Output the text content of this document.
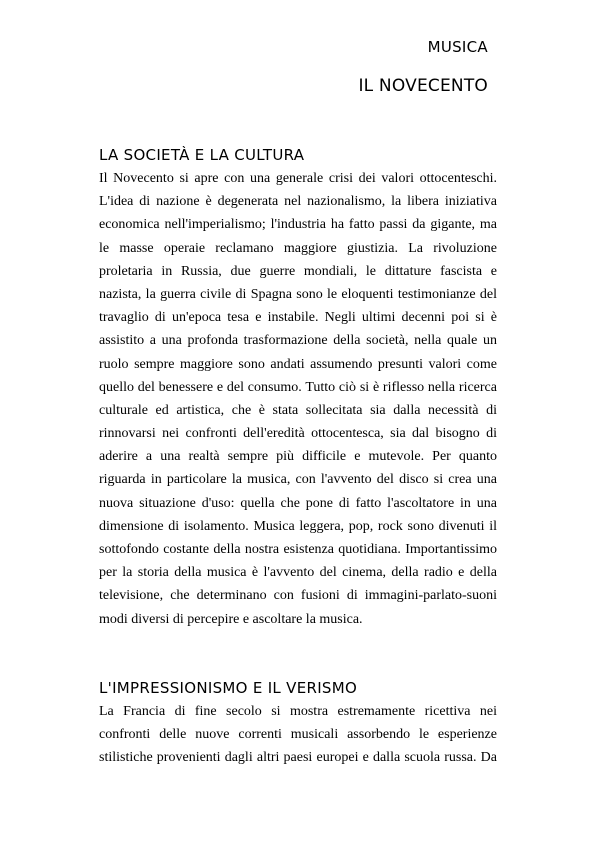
MUSICA
IL NOVECENTO
LA SOCIETÀ E LA CULTURA
Il Novecento si apre con una generale crisi dei valori ottocenteschi.
L'idea di nazione è degenerata nel nazionalismo, la libera iniziativa
economica nell'imperialismo; l'industria ha fatto passi da gigante, ma
le masse operaie reclamano maggiore giustizia. La rivoluzione
proletaria in Russia, due guerre mondiali, le dittature fascista e
nazista, la guerra civile di Spagna sono le eloquenti testimonianze del
travaglio di un'epoca tesa e instabile. Negli ultimi decenni poi si è
assistito a una profonda trasformazione della società, nella quale un
ruolo sempre maggiore sono andati assumendo presunti valori come
quello del benessere e del consumo. Tutto ciò si è riflesso nella ricerca
culturale ed artistica, che è stata sollecitata sia dalla necessità di
rinnovarsi nei confronti dell'eredità ottocentesca, sia dal bisogno di
aderire a una realtà sempre più difficile e mutevole. Per quanto
riguarda in particolare la musica, con l'avvento del disco si crea una
nuova situazione d'uso: quella che pone di fatto l'ascoltatore in una
dimensione di isolamento. Musica leggera, pop, rock sono divenuti il
sottofondo costante della nostra esistenza quotidiana. Importantissimo
per la storia della musica è l'avvento del cinema, della radio e della
televisione, che determinano con fusioni di immagini-parlato-suoni
modi diversi di percepire e ascoltare la musica.
L'IMPRESSIONISMO E IL VERISMO
La Francia di fine secolo si mostra estremamente ricettiva nei
confronti delle nuove correnti musicali assorbendo le esperienze
stilistiche provenienti dagli altri paesi europei e dalla scuola russa. Da
